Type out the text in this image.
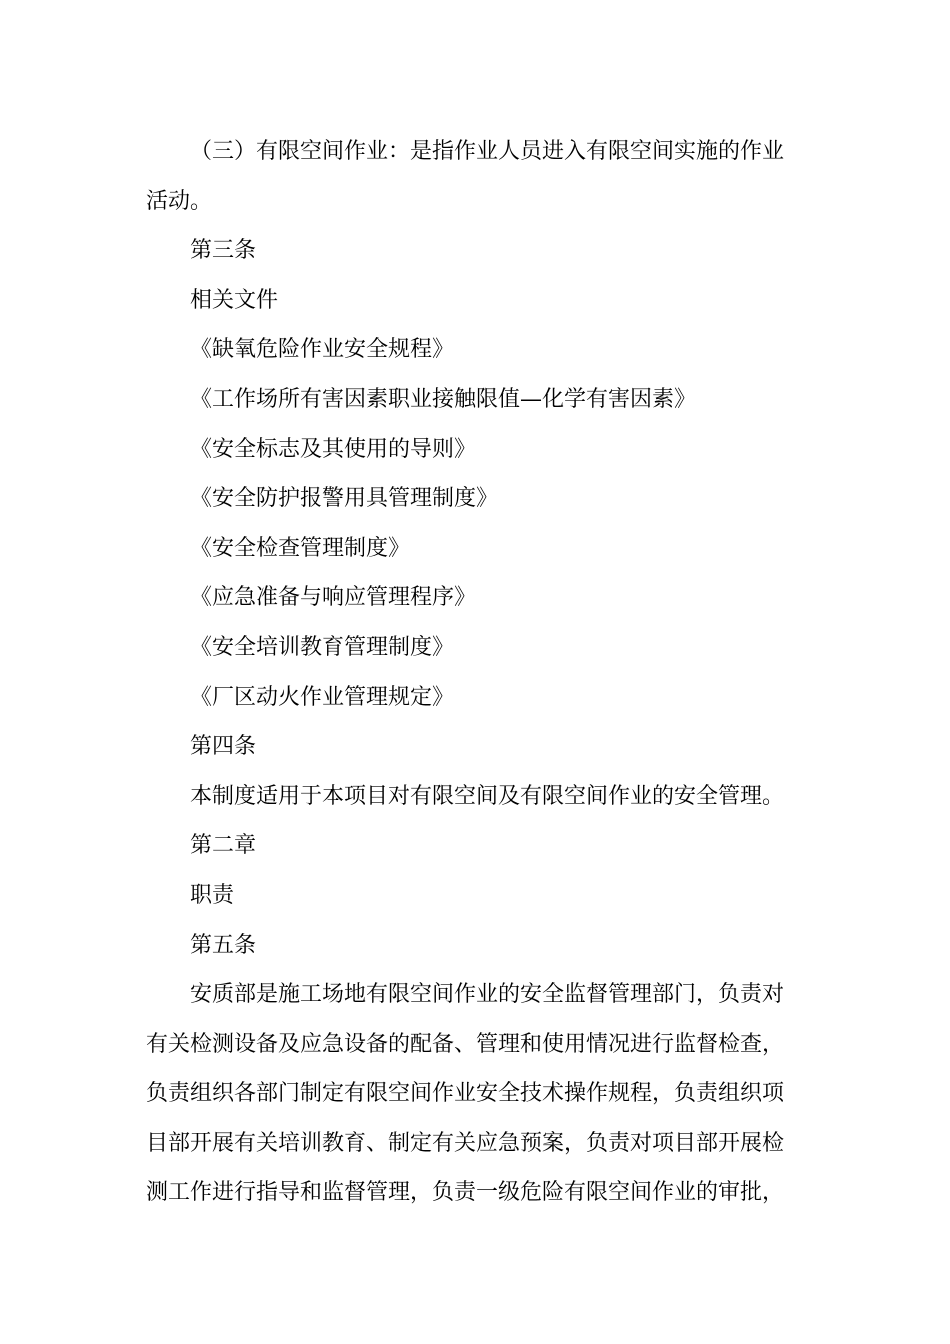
（三）有限空间作业：是指作业人员进入有限空间实施的作业

活动。

第三条

相关文件

《缺氧危险作业安全规程》

《工作场所有害因素职业接触限值—化学有害因素》

《安全标志及其使用的导则》

《安全防护报警用具管理制度》

《安全检查管理制度》

《应急准备与响应管理程序》

《安全培训教育管理制度》

《厂区动火作业管理规定》

第四条

本制度适用于本项目对有限空间及有限空间作业的安全管理。

第二章

职责

第五条

安质部是施工场地有限空间作业的安全监督管理部门，负责对

有关检测设备及应急设备的配备、管理和使用情况进行监督检查，

负责组织各部门制定有限空间作业安全技术操作规程，负责组织项

目部开展有关培训教育、制定有关应急预案，负责对项目部开展检

测工作进行指导和监督管理，负责一级危险有限空间作业的审批，
